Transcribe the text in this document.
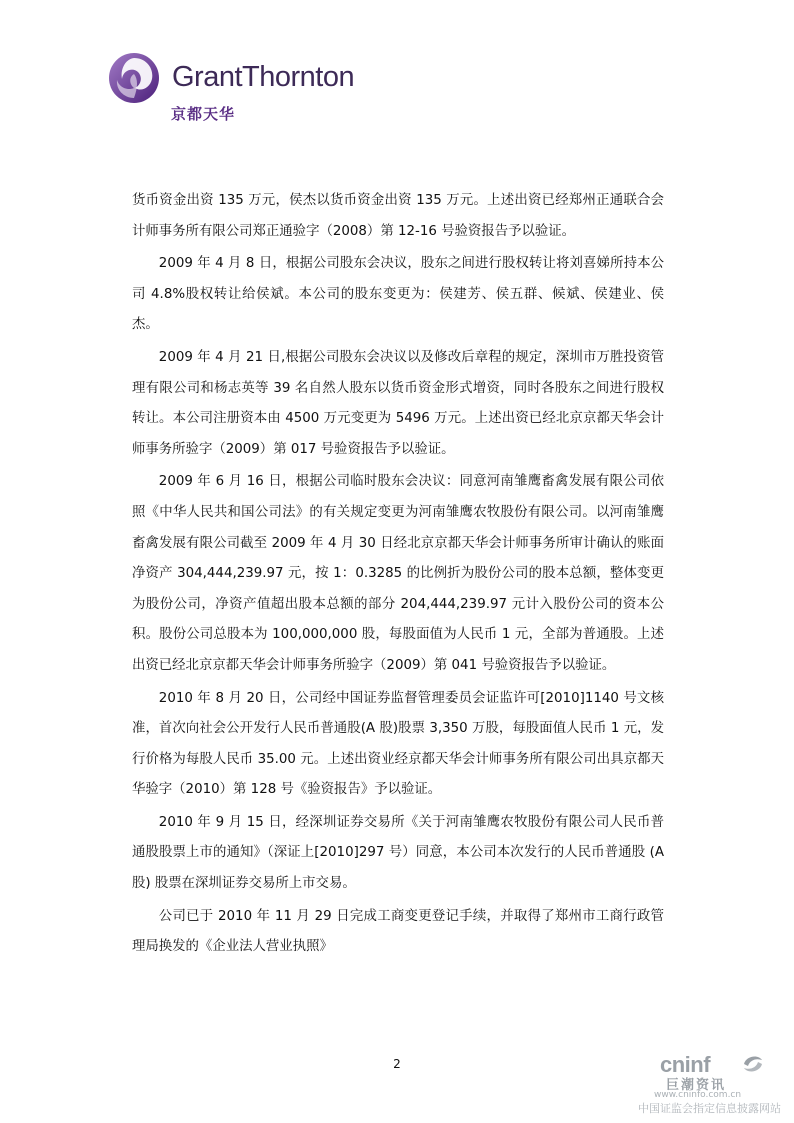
GrantThornton
京都天华

货币资金出资 135 万元，侯杰以货币资金出资 135 万元。上述出资已经郑州正通联合会计师事务所有限公司郑正通验字（2008）第 12-16 号验资报告予以验证。

2009 年 4 月 8 日，根据公司股东会决议，股东之间进行股权转让将刘喜娣所持本公司 4.8%股权转让给侯斌。本公司的股东变更为：侯建芳、侯五群、候斌、侯建业、侯杰。

2009 年 4 月 21 日,根据公司股东会决议以及修改后章程的规定，深圳市万胜投资管理有限公司和杨志英等 39 名自然人股东以货币资金形式增资，同时各股东之间进行股权转让。本公司注册资本由 4500 万元变更为 5496 万元。上述出资已经北京京都天华会计师事务所验字（2009）第 017 号验资报告予以验证。

2009 年 6 月 16 日，根据公司临时股东会决议：同意河南雏鹰畜禽发展有限公司依照《中华人民共和国公司法》的有关规定变更为河南雏鹰农牧股份有限公司。以河南雏鹰畜禽发展有限公司截至 2009 年 4 月 30 日经北京京都天华会计师事务所审计确认的账面净资产 304,444,239.97 元，按 1：0.3285 的比例折为股份公司的股本总额，整体变更为股份公司，净资产值超出股本总额的部分 204,444,239.97 元计入股份公司的资本公积。股份公司总股本为 100,000,000 股，每股面值为人民币 1 元，全部为普通股。上述出资已经北京京都天华会计师事务所验字（2009）第 041 号验资报告予以验证。

2010 年 8 月 20 日，公司经中国证券监督管理委员会证监许可[2010]1140 号文核准，首次向社会公开发行人民币普通股(A 股)股票 3,350 万股，每股面值人民币 1 元，发行价格为每股人民币 35.00 元。上述出资业经京都天华会计师事务所有限公司出具京都天华验字（2010）第 128 号《验资报告》予以验证。

2010 年 9 月 15 日，经深圳证券交易所《关于河南雏鹰农牧股份有限公司人民币普通股股票上市的通知》（深证上[2010]297 号）同意，本公司本次发行的人民币普通股 (A 股) 股票在深圳证券交易所上市交易。

公司已于 2010 年 11 月 29 日完成工商变更登记手续，并取得了郑州市工商行政管理局换发的《企业法人营业执照》

2	cninf
巨潮资讯
www.cninfo.com.cn
中国证监会指定信息披露网站
